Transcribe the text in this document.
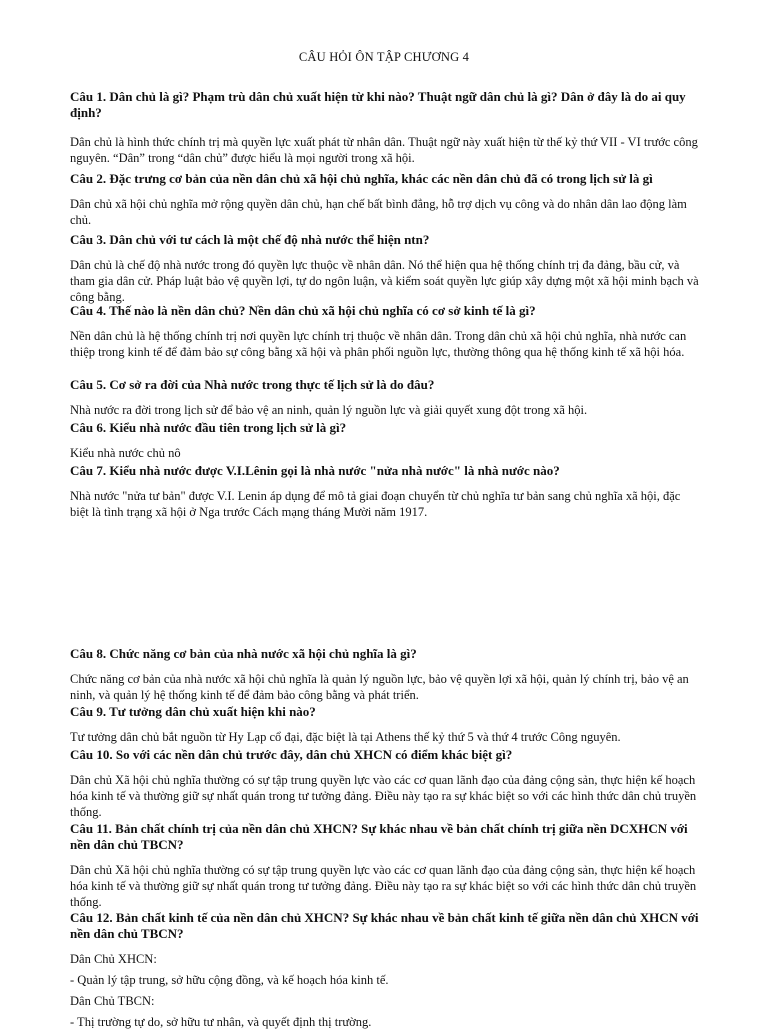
CÂU HỎI ÔN TẬP CHƯƠNG 4

Câu 1. Dân chủ là gì? Phạm trù dân chủ xuất hiện từ khi nào? Thuật ngữ dân chủ là gì? Dân ở đây là do ai quy định?

Dân chủ là hình thức chính trị mà quyền lực xuất phát từ nhân dân. Thuật ngữ này xuất hiện từ thế kỷ thứ VII - VI trước công nguyên. “Dân” trong “dân chủ” được hiểu là mọi người trong xã hội.

Câu 2. Đặc trưng cơ bản của nền dân chủ xã hội chủ nghĩa, khác các nền dân chủ đã có trong lịch sử là gì

Dân chủ xã hội chủ nghĩa mở rộng quyền dân chủ, hạn chế bất bình đẳng, hỗ trợ dịch vụ công và do nhân dân lao động làm chủ.

Câu 3. Dân chủ với tư cách là một chế độ nhà nước thể hiện ntn?

Dân chủ là chế độ nhà nước trong đó quyền lực thuộc về nhân dân. Nó thể hiện qua hệ thống chính trị đa đảng, bầu cử, và tham gia dân cử. Pháp luật bảo vệ quyền lợi, tự do ngôn luận, và kiểm soát quyền lực giúp xây dựng một xã hội minh bạch và công bằng.

Câu 4. Thế nào là nền dân chủ? Nền dân chủ xã hội chủ nghĩa có cơ sở kinh tế là gì?

Nền dân chủ là hệ thống chính trị nơi quyền lực chính trị thuộc về nhân dân. Trong dân chủ xã hội chủ nghĩa, nhà nước can thiệp trong kinh tế để đảm bảo sự công bằng xã hội và phân phối nguồn lực, thường thông qua hệ thống kinh tế xã hội hóa.

Câu 5. Cơ sở ra đời của Nhà nước trong thực tế lịch sử là do đâu?

Nhà nước ra đời trong lịch sử để bảo vệ an ninh, quản lý nguồn lực và giải quyết xung đột trong xã hội.

Câu 6. Kiểu nhà nước đầu tiên trong lịch sử là gì?

Kiểu nhà nước chủ nô

Câu 7. Kiểu nhà nước được V.I.Lênin gọi là nhà nước "nửa nhà nước" là nhà nước nào?

Nhà nước "nửa tư bản" được V.I. Lenin áp dụng để mô tả giai đoạn chuyển từ chủ nghĩa tư bản sang chủ nghĩa xã hội, đặc biệt là tình trạng xã hội ở Nga trước Cách mạng tháng Mười năm 1917.

Câu 8. Chức năng cơ bản của nhà nước xã hội chủ nghĩa là gì?

Chức năng cơ bản của nhà nước xã hội chủ nghĩa là quản lý nguồn lực, bảo vệ quyền lợi xã hội, quản lý chính trị, bảo vệ an ninh, và quản lý hệ thống kinh tế để đảm bảo công bằng và phát triển.

Câu 9. Tư tưởng dân chủ xuất hiện khi nào?

Tư tưởng dân chủ bắt nguồn từ Hy Lạp cổ đại, đặc biệt là tại Athens thế kỷ thứ 5 và thứ 4 trước Công nguyên.

Câu 10. So với các nền dân chủ trước đây, dân chủ XHCN có điểm khác biệt gì?

Dân chủ Xã hội chủ nghĩa thường có sự tập trung quyền lực vào các cơ quan lãnh đạo của đảng cộng sản, thực hiện kế hoạch hóa kinh tế và thường giữ sự nhất quán trong tư tưởng đảng. Điều này tạo ra sự khác biệt so với các hình thức dân chủ truyền thống.

Câu 11. Bản chất chính trị của nền dân chủ XHCN? Sự khác nhau về bản chất chính trị giữa nền DCXHCN với nền dân chủ TBCN?

Dân chủ Xã hội chủ nghĩa thường có sự tập trung quyền lực vào các cơ quan lãnh đạo của đảng cộng sản, thực hiện kế hoạch hóa kinh tế và thường giữ sự nhất quán trong tư tưởng đảng. Điều này tạo ra sự khác biệt so với các hình thức dân chủ truyền thống.

Câu 12. Bản chất kinh tế của nền dân chủ XHCN? Sự khác nhau về bản chất kinh tế giữa nền dân chủ XHCN với nền dân chủ TBCN?

Dân Chủ XHCN:

- Quản lý tập trung, sở hữu cộng đồng, và kế hoạch hóa kinh tế.

Dân Chủ TBCN:

- Thị trường tự do, sở hữu tư nhân, và quyết định thị trường.
